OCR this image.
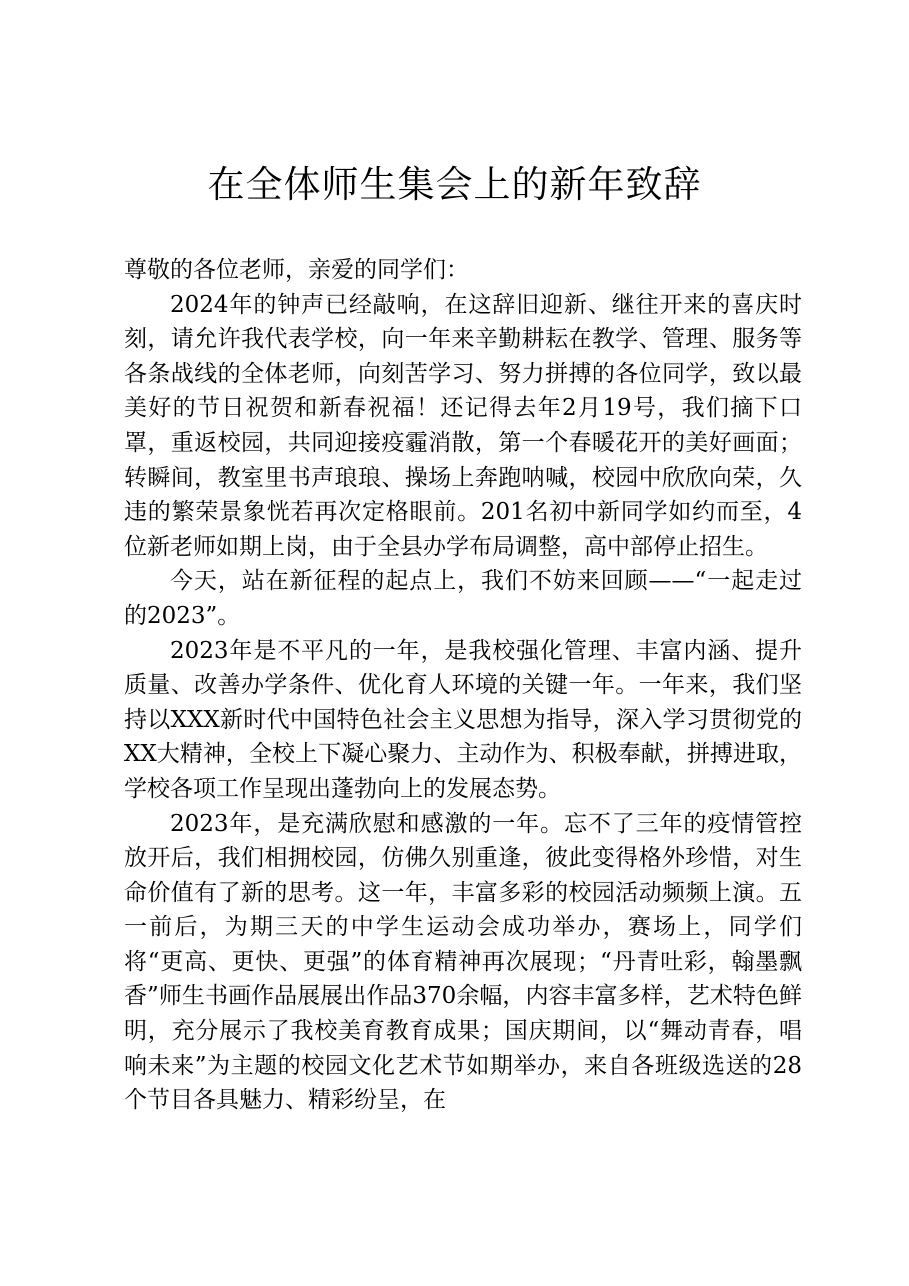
在全体师生集会上的新年致辞

尊敬的各位老师，亲爱的同学们：

2024年的钟声已经敲响，在这辞旧迎新、继往开来的喜庆时刻，请允许我代表学校，向一年来辛勤耕耘在教学、管理、服务等各条战线的全体老师，向刻苦学习、努力拼搏的各位同学，致以最美好的节日祝贺和新春祝福！还记得去年2月19号，我们摘下口罩，重返校园，共同迎接疫霾消散，第一个春暖花开的美好画面；转瞬间，教室里书声琅琅、操场上奔跑呐喊，校园中欣欣向荣，久违的繁荣景象恍若再次定格眼前。201名初中新同学如约而至，4位新老师如期上岗，由于全县办学布局调整，高中部停止招生。

今天，站在新征程的起点上，我们不妨来回顾——“一起走过的2023”。

2023年是不平凡的一年，是我校强化管理、丰富内涵、提升质量、改善办学条件、优化育人环境的关键一年。一年来，我们坚持以XXX新时代中国特色社会主义思想为指导，深入学习贯彻党的XX大精神，全校上下凝心聚力、主动作为、积极奉献，拼搏进取，学校各项工作呈现出蓬勃向上的发展态势。

2023年，是充满欣慰和感激的一年。忘不了三年的疫情管控放开后，我们相拥校园，仿佛久别重逢，彼此变得格外珍惜，对生命价值有了新的思考。这一年，丰富多彩的校园活动频频上演。五一前后，为期三天的中学生运动会成功举办，赛场上，同学们将“更高、更快、更强”的体育精神再次展现；“丹青吐彩，翰墨飘香”师生书画作品展展出作品370余幅，内容丰富多样，艺术特色鲜明，充分展示了我校美育教育成果；国庆期间，以“舞动青春，唱响未来”为主题的校园文化艺术节如期举办，来自各班级选送的28个节目各具魅力、精彩纷呈，在
